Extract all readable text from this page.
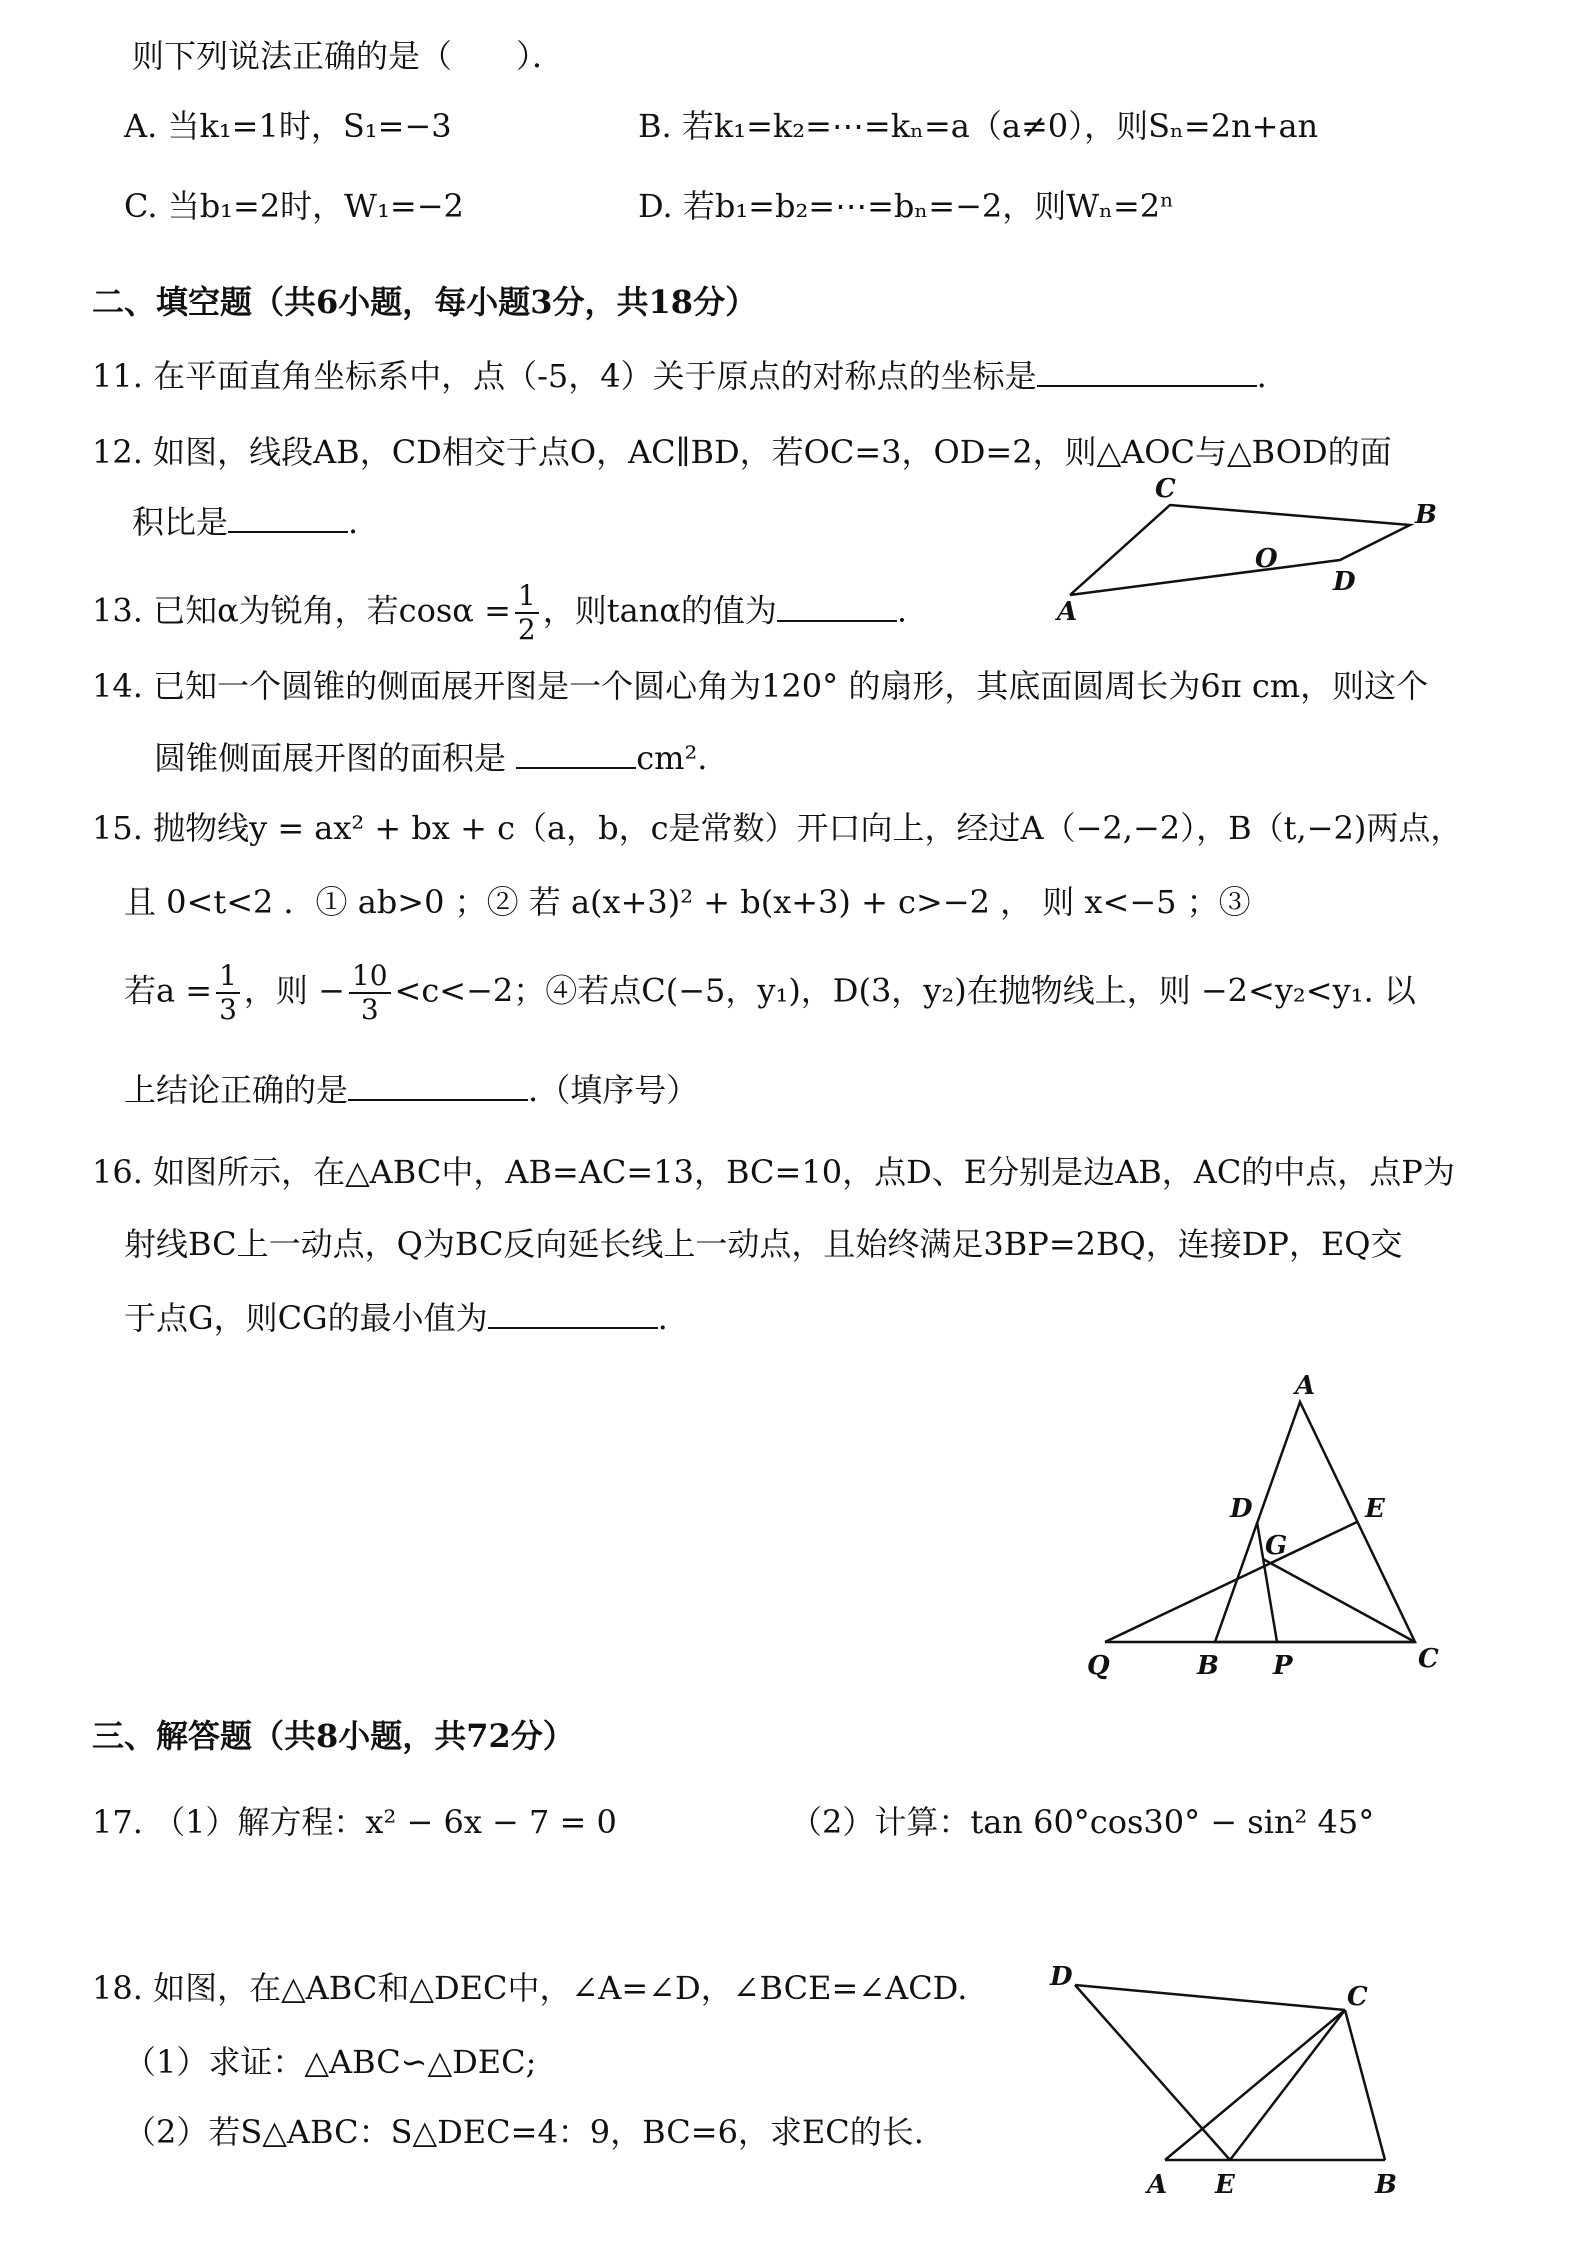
则下列说法正确的是（　　）．
A. 当k₁=1时，S₁=−3	B. 若k₁=k₂=⋯=kₙ=a（a≠0），则Sₙ=2n+an
C. 当b₁=2时，W₁=−2	D. 若b₁=b₂=⋯=bₙ=−2，则Wₙ=2ⁿ
二、填空题（共6小题，每小题3分，共18分）
11. 在平面直角坐标系中，点（-5，4）关于原点的对称点的坐标是	.
12. 如图，线段AB，CD相交于点O，AC∥BD，若OC=3，OD=2，则△AOC与△BOD的面
积比是	.
C
B
O
D
A
13. 已知α为锐角，若$\cos\alpha = \frac{1}{2}$ ，则tanα的值为	.
14. 已知一个圆锥的侧面展开图是一个圆心角为120° 的扇形，其底面圆周长为6π cm，则这个
圆锥侧面展开图的面积是	cm².
15. 抛物线y = ax² + bx + c（a，b，c是常数）开口向上，经过A（−2,−2），B（t,−2)两点，
且 0<t<2 ．① ab>0 ；② 若 a(x+3)² + b(x+3) + c>−2 ， 则 x<−5 ；③
若$a = \frac{1}{3}$ ，则 − $\frac{10}{3} <c<-2$；④若点C(−5，y₁)，D(3，y₂)在抛物线上，则 −2<y₂<y₁. 以
上结论正确的是	.（填序号）
16. 如图所示，在△ABC中，AB=AC=13，BC=10，点D、E分别是边AB，AC的中点，点P为
射线BC上一动点，Q为BC反向延长线上一动点，且始终满足3BP=2BQ，连接DP，EQ交
于点G，则CG的最小值为	.
A
D	E
G
Q	B P	C
三、解答题（共8小题，共72分）
17. （1）解方程：x² − 6x − 7 = 0	（2）计算：tan 60°cos30° − sin² 45°
18. 如图，在△ABC和△DEC中，∠A=∠D，∠BCE=∠ACD.
（1）求证：△ABC∽△DEC;
（2）若S△ABC：S△DEC=4：9，BC=6，求EC的长.
D
C
A E	B
